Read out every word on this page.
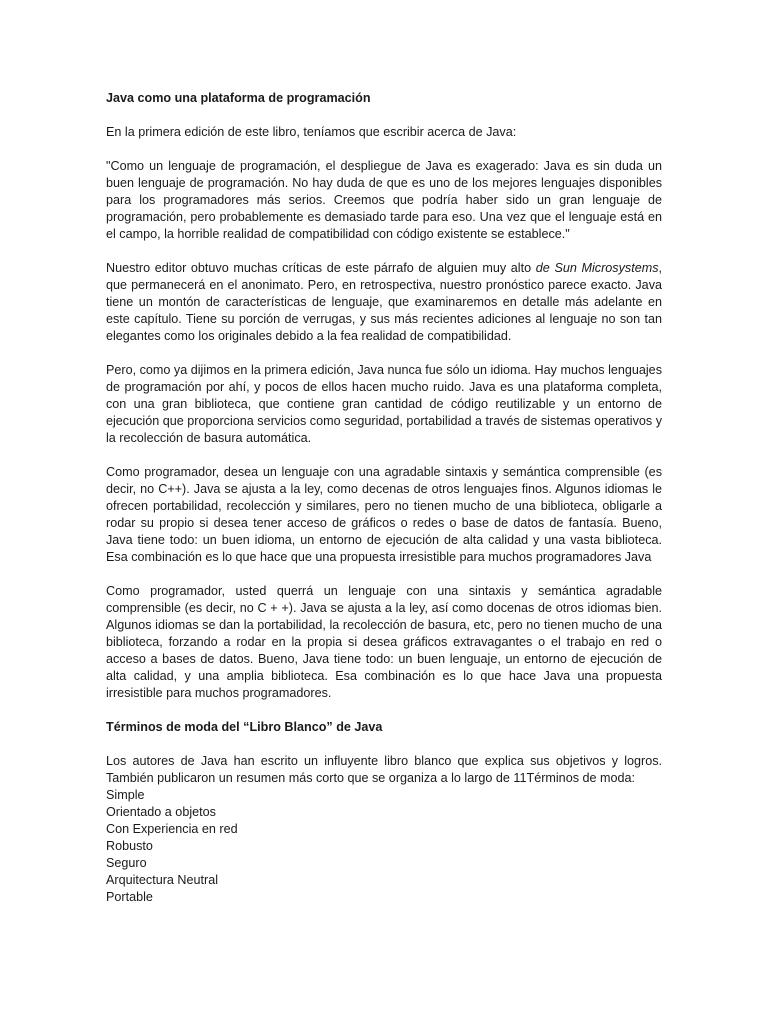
Java como una plataforma de programación

En la primera edición de este libro, teníamos que escribir acerca de Java:

"Como un lenguaje de programación, el despliegue de Java es exagerado: Java es sin duda un buen lenguaje de programación. No hay duda de que es uno de los mejores lenguajes disponibles para los programadores más serios. Creemos que podría haber sido un gran lenguaje de programación, pero probablemente es demasiado tarde para eso. Una vez que el lenguaje está en el campo, la horrible realidad de compatibilidad con código existente se establece."

Nuestro editor obtuvo muchas críticas de este párrafo de alguien muy alto de Sun Microsystems, que permanecerá en el anonimato. Pero, en retrospectiva, nuestro pronóstico parece exacto. Java tiene un montón de características de lenguaje, que examinaremos en detalle más adelante en este capítulo. Tiene su porción de verrugas, y sus más recientes adiciones al lenguaje no son tan elegantes como los originales debido a la fea realidad de compatibilidad.

Pero, como ya dijimos en la primera edición, Java nunca fue sólo un idioma. Hay muchos lenguajes de programación por ahí, y pocos de ellos hacen mucho ruido. Java es una plataforma completa, con una gran biblioteca, que contiene gran cantidad de código reutilizable y un entorno de ejecución que proporciona servicios como seguridad, portabilidad a través de sistemas operativos y la recolección de basura automática.

Como programador, desea un lenguaje con una agradable sintaxis y semántica comprensible (es decir, no C++). Java se ajusta a la ley, como decenas de otros lenguajes finos. Algunos idiomas le ofrecen portabilidad, recolección y similares, pero no tienen mucho de una biblioteca, obligarle a rodar su propio si desea tener acceso de gráficos o redes o base de datos de fantasía. Bueno, Java tiene todo: un buen idioma, un entorno de ejecución de alta calidad y una vasta biblioteca. Esa combinación es lo que hace que una propuesta irresistible para muchos programadores Java

Como programador, usted querrá un lenguaje con una sintaxis y semántica agradable comprensible (es decir, no C + +). Java se ajusta a la ley, así como docenas de otros idiomas bien. Algunos idiomas se dan la portabilidad, la recolección de basura, etc, pero no tienen mucho de una biblioteca, forzando a rodar en la propia si desea gráficos extravagantes o el trabajo en red o acceso a bases de datos. Bueno, Java tiene todo: un buen lenguaje, un entorno de ejecución de alta calidad, y una amplia biblioteca. Esa combinación es lo que hace Java una propuesta irresistible para muchos programadores.

Términos de moda del “Libro Blanco” de Java

Los autores de Java han escrito un influyente libro blanco que explica sus objetivos y logros. También publicaron un resumen más corto que se organiza a lo largo de 11Términos de moda:

Simple
Orientado a objetos
Con Experiencia en red
Robusto
Seguro
Arquitectura Neutral
Portable
